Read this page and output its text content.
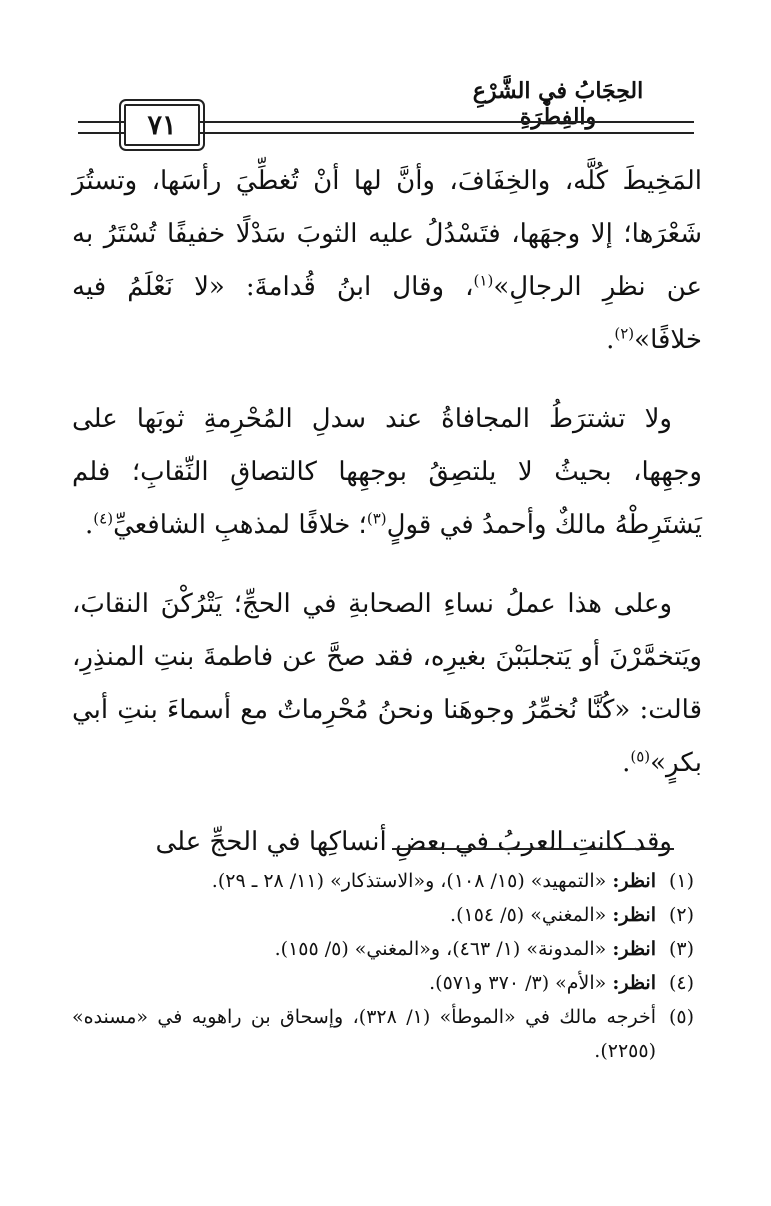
الحِجَابُ في الشَّرْعِ والفِطْرَةِ
٧١

المَخِيطَ كُلَّه، والخِفَافَ، وأنَّ لها أنْ تُغطِّيَ رأسَها، وتستُرَ شَعْرَها؛ إلا وجهَها، فتَسْدُلُ عليه الثوبَ سَدْلًا خفيفًا تُسْتَرُ به عن نظرِ الرجالِ»$^{(١)}$، وقال ابنُ قُدامةَ: «لا نَعْلَمُ فيه خلافًا»$^{(٢)}$.

ولا تشترَطُ المجافاةُ عند سدلِ المُحْرِمةِ ثوبَها على وجهِها، بحيثُ لا يلتصِقُ بوجهِها كالتصاقِ النِّقابِ؛ فلم يَشتَرِطْهُ مالكٌ وأحمدُ في قولٍ$^{(٣)}$؛ خلافًا لمذهبِ الشافعيِّ$^{(٤)}$.

وعلى هذا عملُ نساءِ الصحابةِ في الحجِّ؛ يَتْرُكْنَ النقابَ، ويَتخمَّرْنَ أو يَتجلبَبْنَ بغيرِه، فقد صحَّ عن فاطمةَ بنتِ المنذِرِ، قالت: «كُنَّا نُخمِّرُ وجوهَنا ونحنُ مُحْرِماتٌ مع أسماءَ بنتِ أبي بكرٍ»$^{(٥)}$.

وقد كانتِ العربُ في بعضِ أنساكِها في الحجِّ على

(١)
انظر: «التمهيد» (١٥/ ١٠٨)، و«الاستذكار» (١١/ ٢٨ ـ ٢٩).
(٢)
انظر: «المغني» (٥/ ١٥٤).
(٣)
انظر: «المدونة» (١/ ٤٦٣)، و«المغني» (٥/ ١٥٥).
(٤)
انظر: «الأم» (٣/ ٣٧٠ و٥٧١).
(٥)
أخرجه مالك في «الموطأ» (١/ ٣٢٨)، وإسحاق بن راهويه في «مسنده» (٢٢٥٥).
